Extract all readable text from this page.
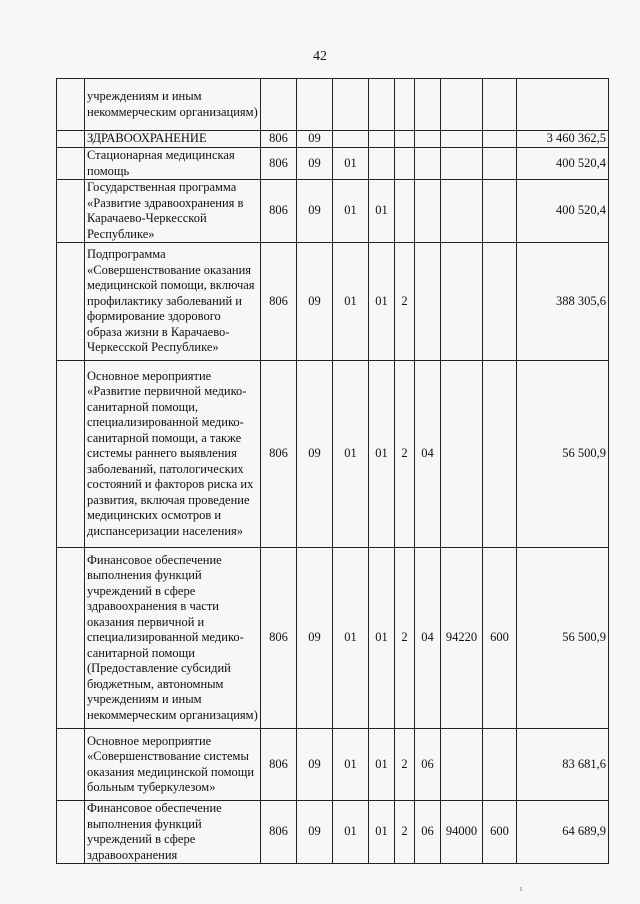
42
	учреждениям и иным некоммерческим организациям)									
	ЗДРАВООХРАНЕНИЕ	806	09							3 460 362,5
	Стационарная медицинская помощь	806	09	01						400 520,4
	Государственная программа «Развитие здравоохранения в Карачаево-Черкесской Республике»	806	09	01	01					400 520,4
	Подпрограмма «Совершенствование оказания медицинской помощи, включая профилактику заболеваний и формирование здорового образа жизни в Карачаево-Черкесской Республике»	806	09	01	01	2				388 305,6
	Основное мероприятие «Развитие первичной медико-санитарной помощи, специализированной медико-санитарной помощи, а также системы раннего выявления заболеваний, патологических состояний и факторов риска их развития, включая проведение медицинских осмотров и диспансеризации населения»	806	09	01	01	2	04			56 500,9
	Финансовое обеспечение выполнения функций учреждений в сфере здравоохранения в части оказания первичной и специализированной медико-санитарной помощи (Предоставление субсидий бюджетным, автономным учреждениям и иным некоммерческим организациям)	806	09	01	01	2	04	94220	600	56 500,9
	Основное мероприятие «Совершенствование системы оказания медицинской помощи больным туберкулезом»	806	09	01	01	2	06			83 681,6
	Финансовое обеспечение выполнения функций учреждений в сфере здравоохранения	806	09	01	01	2	06	94000	600	64 689,9
ι
